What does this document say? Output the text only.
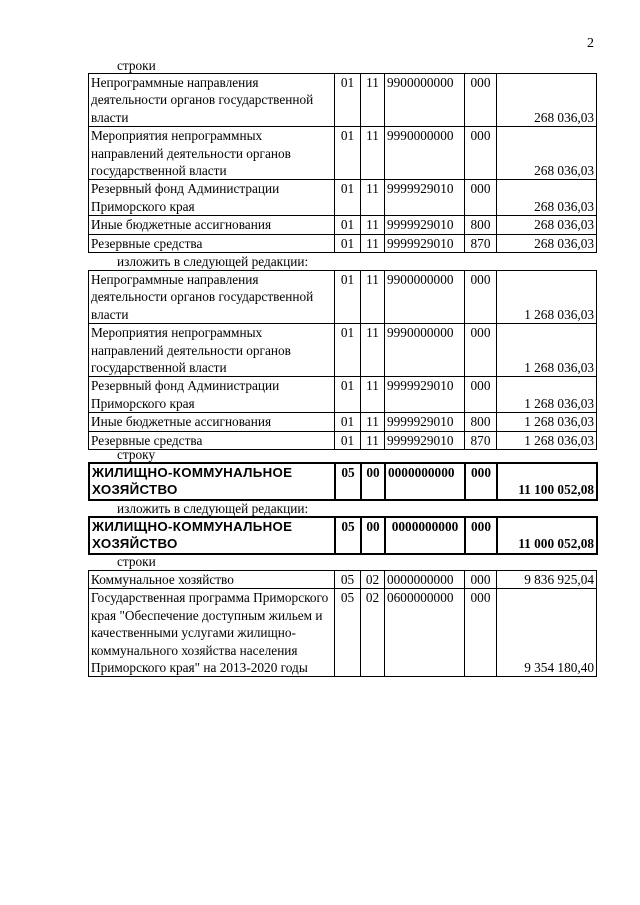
2
строки
Непрограммные направления деятельности органов государственной власти	01	11	9900000000	000	268 036,03
Мероприятия непрограммных направлений деятельности органов государственной власти	01	11	9990000000	000	268 036,03
Резервный фонд Администрации Приморского края	01	11	9999929010	000	268 036,03
Иные бюджетные ассигнования	01	11	9999929010	800	268 036,03
Резервные средства	01	11	9999929010	870	268 036,03
изложить в следующей редакции:
Непрограммные направления деятельности органов государственной власти	01	11	9900000000	000	1 268 036,03
Мероприятия непрограммных направлений деятельности органов государственной власти	01	11	9990000000	000	1 268 036,03
Резервный фонд Администрации Приморского края	01	11	9999929010	000	1 268 036,03
Иные бюджетные ассигнования	01	11	9999929010	800	1 268 036,03
Резервные средства	01	11	9999929010	870	1 268 036,03
строку
ЖИЛИЩНО-КОММУНАЛЬНОЕ ХОЗЯЙСТВО	05	00	0000000000	000	11 100 052,08
изложить в следующей редакции:
ЖИЛИЩНО-КОММУНАЛЬНОЕ ХОЗЯЙСТВО	05	00	0000000000	000	11 000 052,08
строки
Коммунальное хозяйство	05	02	0000000000	000	9 836 925,04
Государственная программа Приморского края "Обеспечение доступным жильем и качественными услугами жилищно-коммунального хозяйства населения Приморского края" на 2013-2020 годы	05	02	0600000000	000	9 354 180,40
